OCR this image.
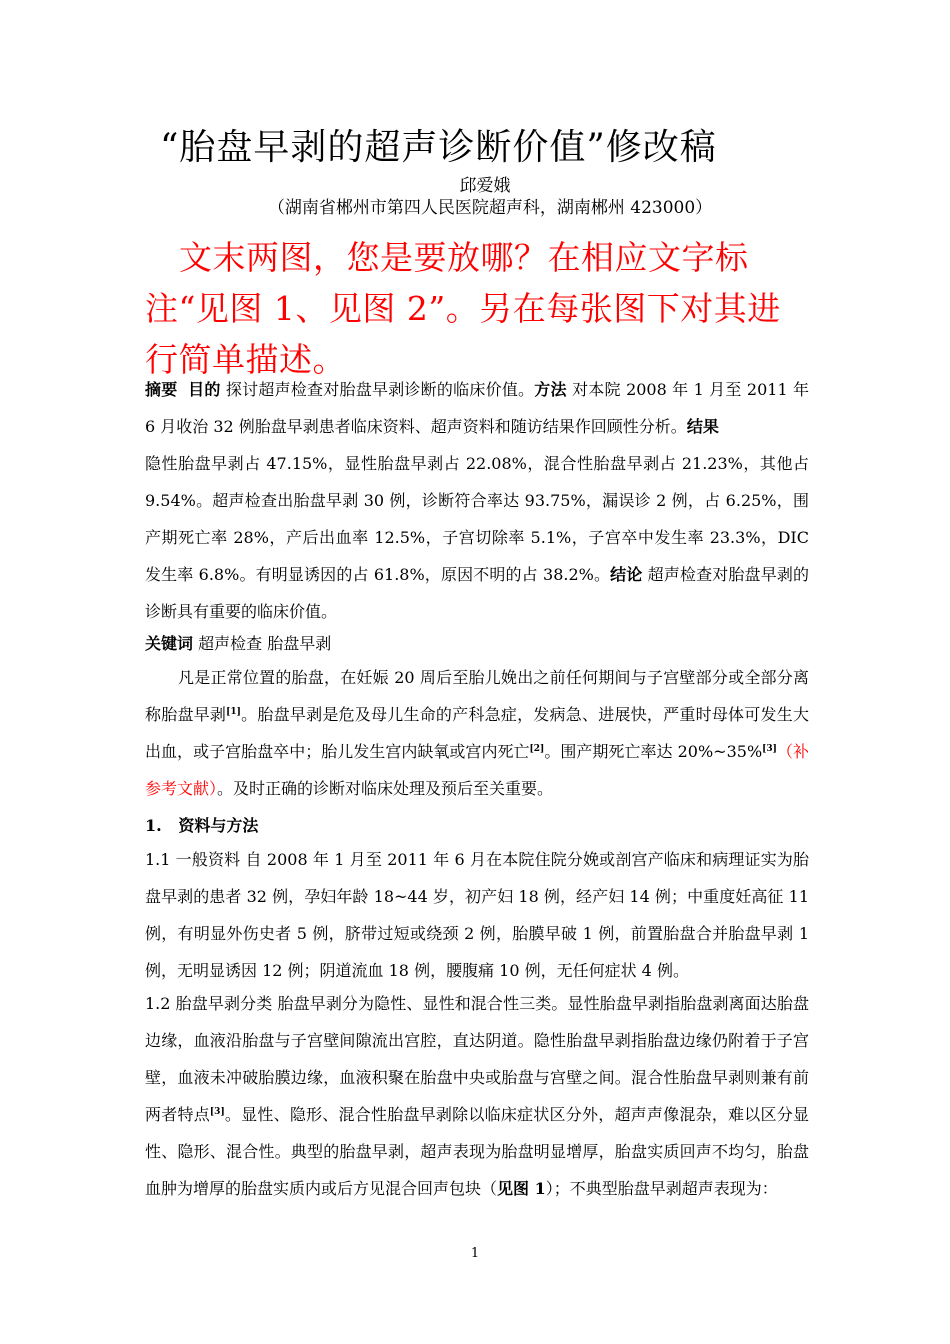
“胎盘早剥的超声诊断价值”修改稿
邱爱娥
（湖南省郴州市第四人民医院超声科，湖南郴州 423000）
文末两图，您是要放哪？在相应文字标注“见图 1、见图 2”。另在每张图下对其进行简单描述。
摘要 目的 探讨超声检查对胎盘早剥诊断的临床价值。方法 对本院 2008 年 1 月至 2011 年 6 月收治 32 例胎盘早剥患者临床资料、超声资料和随访结果作回顾性分析。结果
隐性胎盘早剥占 47.15%，显性胎盘早剥占 22.08%，混合性胎盘早剥占 21.23%，其他占 9.54%。超声检查出胎盘早剥 30 例，诊断符合率达 93.75%，漏误诊 2 例，占 6.25%，围产期死亡率 28%，产后出血率 12.5%，子宫切除率 5.1%，子宫卒中发生率 23.3%，DIC 发生率 6.8%。有明显诱因的占 61.8%，原因不明的占 38.2%。结论 超声检查对胎盘早剥的诊断具有重要的临床价值。
关键词 超声检查 胎盘早剥
凡是正常位置的胎盘，在妊娠 20 周后至胎儿娩出之前任何期间与子宫壁部分或全部分离称胎盘早剥[1]。胎盘早剥是危及母儿生命的产科急症，发病急、进展快，严重时母体可发生大出血，或子宫胎盘卒中；胎儿发生宫内缺氧或宫内死亡[2]。围产期死亡率达 20%~35%[3]（补参考文献）。及时正确的诊断对临床处理及预后至关重要。
1.   资料与方法
1.1 一般资料 自 2008 年 1 月至 2011 年 6 月在本院住院分娩或剖宫产临床和病理证实为胎盘早剥的患者 32 例，孕妇年龄 18~44 岁，初产妇 18 例，经产妇 14 例；中重度妊高征 11 例，有明显外伤史者 5 例，脐带过短或绕颈 2 例，胎膜早破 1 例，前置胎盘合并胎盘早剥 1 例，无明显诱因 12 例；阴道流血 18 例，腰腹痛 10 例，无任何症状 4 例。
1.2 胎盘早剥分类 胎盘早剥分为隐性、显性和混合性三类。显性胎盘早剥指胎盘剥离面达胎盘边缘，血液沿胎盘与子宫壁间隙流出宫腔，直达阴道。隐性胎盘早剥指胎盘边缘仍附着于子宫壁，血液未冲破胎膜边缘，血液积聚在胎盘中央或胎盘与宫壁之间。混合性胎盘早剥则兼有前两者特点[3]。显性、隐形、混合性胎盘早剥除以临床症状区分外，超声声像混杂，难以区分显性、隐形、混合性。典型的胎盘早剥，超声表现为胎盘明显增厚，胎盘实质回声不均匀，胎盘血肿为增厚的胎盘实质内或后方见混合回声包块（见图 1）；不典型胎盘早剥超声表现为：
1
